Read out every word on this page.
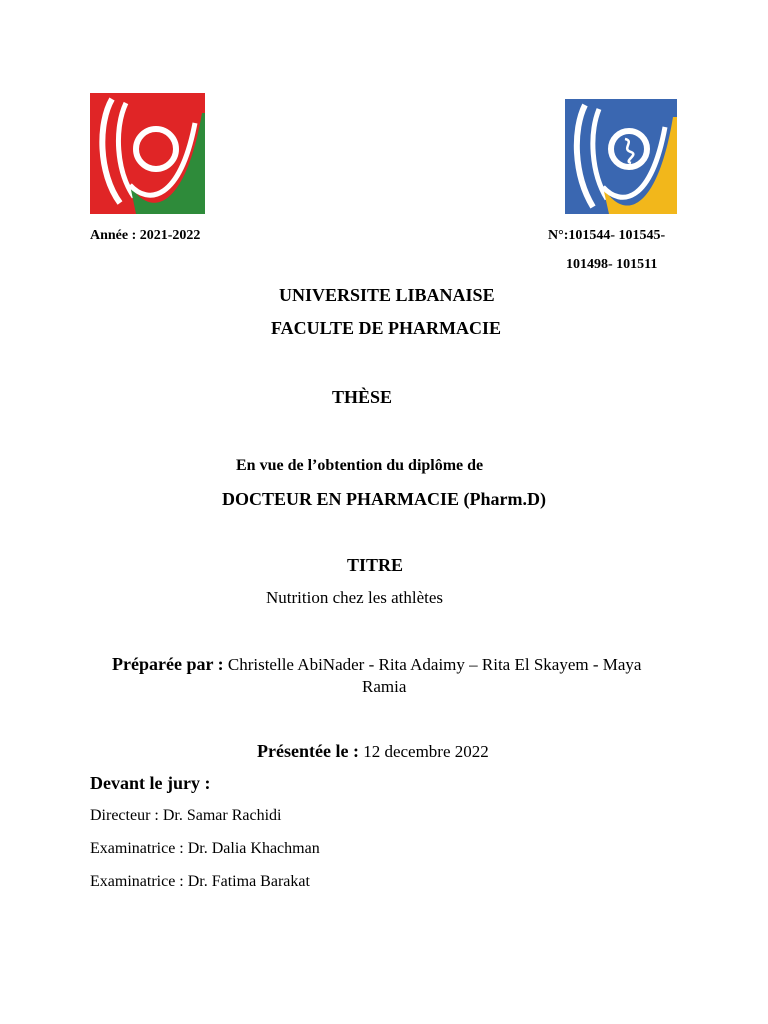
Année : 2021-2022	N°:101544- 101545-
101498- 101511
UNIVERSITE LIBANAISE
FACULTE DE PHARMACIE
THÈSE
En vue de l’obtention du diplôme de
DOCTEUR EN PHARMACIE (Pharm.D)
TITRE
Nutrition chez les athlètes
Préparée par : Christelle AbiNader - Rita Adaimy – Rita El Skayem - Maya
Ramia
Présentée le : 12 decembre 2022
Devant le jury :
Directeur : Dr. Samar Rachidi
Examinatrice : Dr. Dalia Khachman
Examinatrice : Dr. Fatima Barakat
